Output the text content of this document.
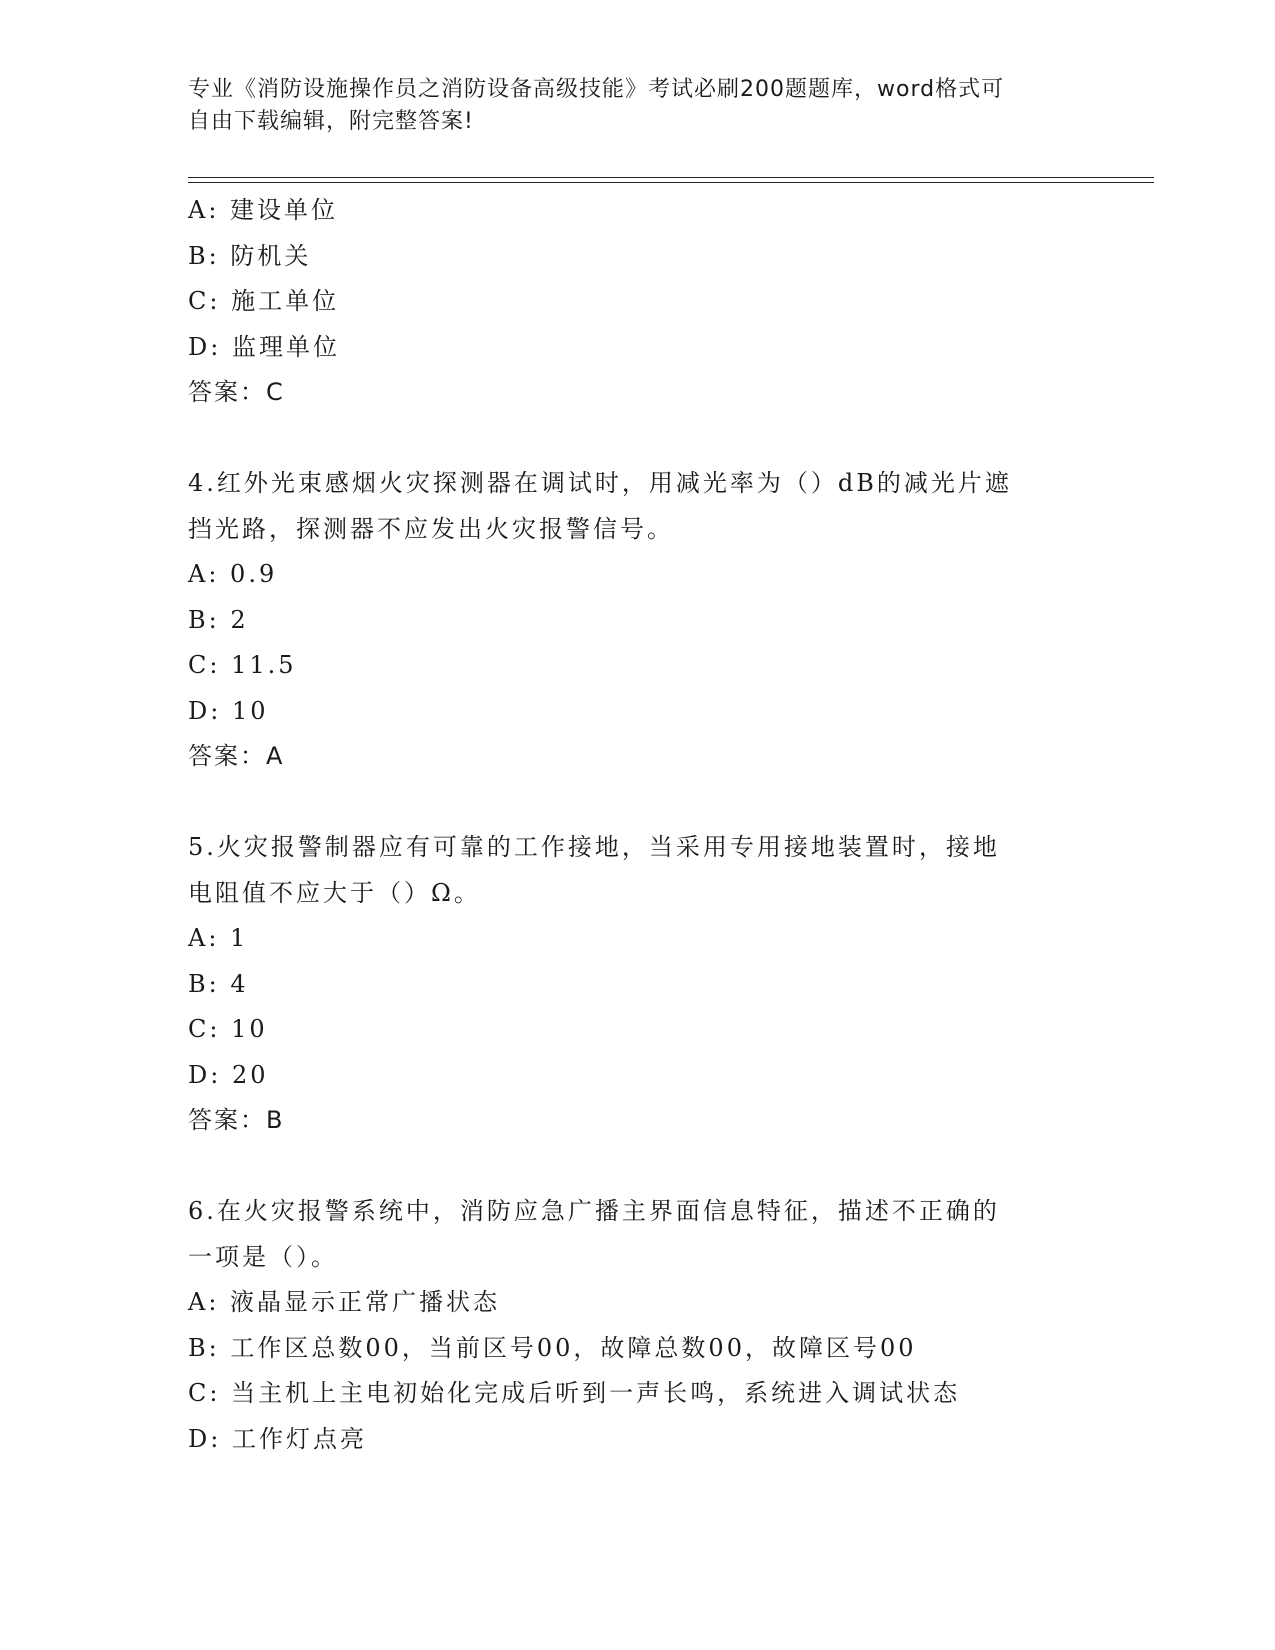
专业《消防设施操作员之消防设备高级技能》考试必刷200题题库，word格式可
自由下载编辑，附完整答案!
A: 建设单位
B: 防机关
C: 施工单位
D: 监理单位
答案：C
4.红外光束感烟火灾探测器在调试时，用减光率为（）dB的减光片遮
挡光路，探测器不应发出火灾报警信号。
A: 0.9
B: 2
C: 11.5
D: 10
答案：A
5.火灾报警制器应有可靠的工作接地，当采用专用接地装置时，接地
电阻值不应大于（）Ω。
A: 1
B: 4
C: 10
D: 20
答案：B
6.在火灾报警系统中，消防应急广播主界面信息特征，描述不正确的
一项是（）。
A: 液晶显示正常广播状态
B: 工作区总数00，当前区号00，故障总数00，故障区号00
C: 当主机上主电初始化完成后听到一声长鸣，系统进入调试状态
D: 工作灯点亮
